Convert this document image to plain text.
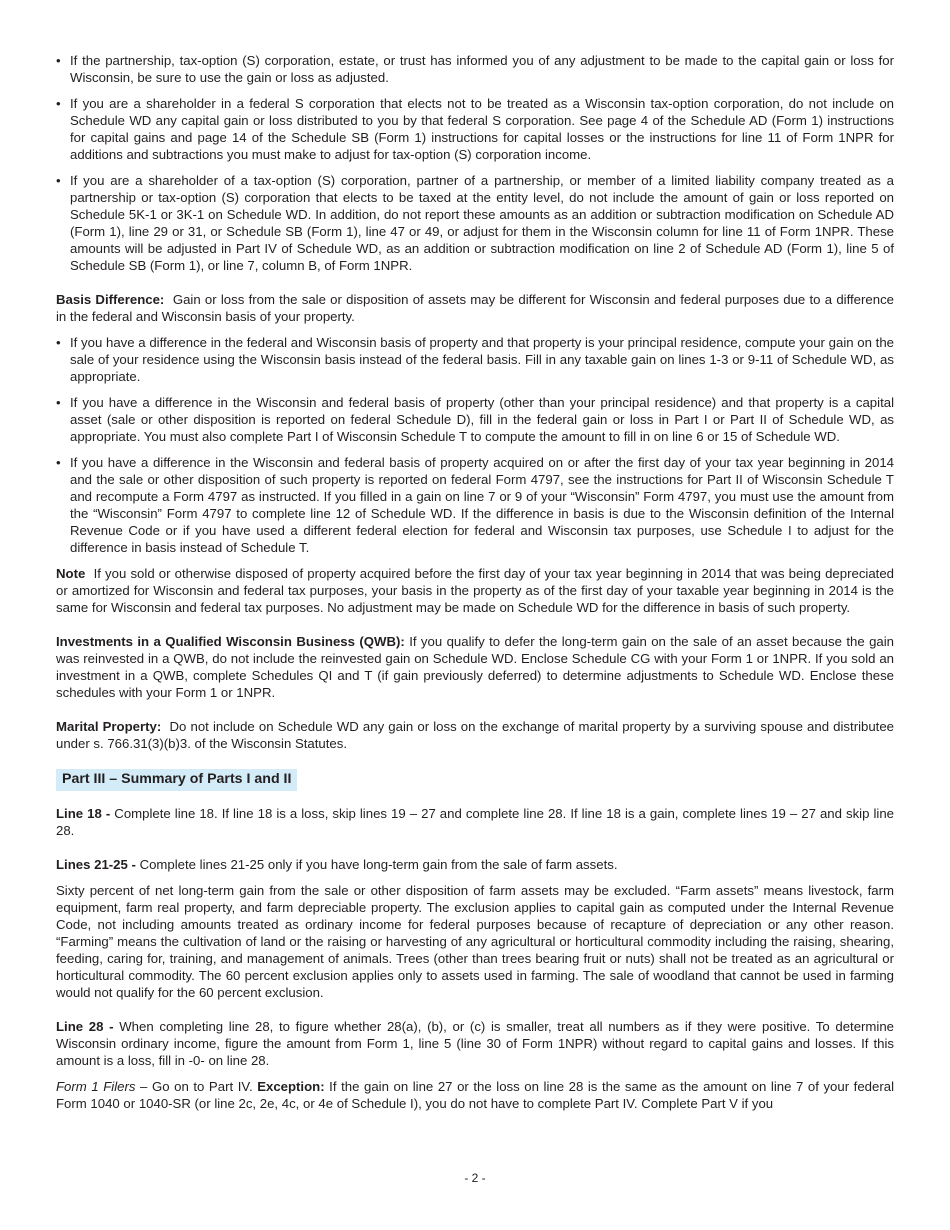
• If the partnership, tax-option (S) corporation, estate, or trust has informed you of any adjustment to be made to the capital gain or loss for Wisconsin, be sure to use the gain or loss as adjusted.
• If you are a shareholder in a federal S corporation that elects not to be treated as a Wisconsin tax-option corporation, do not include on Schedule WD any capital gain or loss distributed to you by that federal S corporation. See page 4 of the Schedule AD (Form 1) instructions for capital gains and page 14 of the Schedule SB (Form 1) instructions for capital losses or the instructions for line 11 of Form 1NPR for additions and subtractions you must make to adjust for tax-option (S) corporation income.
• If you are a shareholder of a tax-option (S) corporation, partner of a partnership, or member of a limited liability company treated as a partnership or tax-option (S) corporation that elects to be taxed at the entity level, do not include the amount of gain or loss reported on Schedule 5K-1 or 3K-1 on Schedule WD. In addition, do not report these amounts as an addition or subtraction modification on Schedule AD (Form 1), line 29 or 31, or Schedule SB (Form 1), line 47 or 49, or adjust for them in the Wisconsin column for line 11 of Form 1NPR. These amounts will be adjusted in Part IV of Schedule WD, as an addition or subtraction modification on line 2 of Schedule AD (Form 1), line 5 of Schedule SB (Form 1), or line 7, column B, of Form 1NPR.

Basis Difference: Gain or loss from the sale or disposition of assets may be different for Wisconsin and federal purposes due to a difference in the federal and Wisconsin basis of your property.

• If you have a difference in the federal and Wisconsin basis of property and that property is your principal residence, compute your gain on the sale of your residence using the Wisconsin basis instead of the federal basis. Fill in any taxable gain on lines 1-3 or 9-11 of Schedule WD, as appropriate.
• If you have a difference in the Wisconsin and federal basis of property (other than your principal residence) and that property is a capital asset (sale or other disposition is reported on federal Schedule D), fill in the federal gain or loss in Part I or Part II of Schedule WD, as appropriate. You must also complete Part I of Wisconsin Schedule T to compute the amount to fill in on line 6 or 15 of Schedule WD.
• If you have a difference in the Wisconsin and federal basis of property acquired on or after the first day of your tax year beginning in 2014 and the sale or other disposition of such property is reported on federal Form 4797, see the instructions for Part II of Wisconsin Schedule T and recompute a Form 4797 as instructed. If you filled in a gain on line 7 or 9 of your “Wisconsin” Form 4797, you must use the amount from the “Wisconsin” Form 4797 to complete line 12 of Schedule WD. If the difference in basis is due to the Wisconsin definition of the Internal Revenue Code or if you have used a different federal election for federal and Wisconsin tax purposes, use Schedule I to adjust for the difference in basis instead of Schedule T.

Note If you sold or otherwise disposed of property acquired before the first day of your tax year beginning in 2014 that was being depreciated or amortized for Wisconsin and federal tax purposes, your basis in the property as of the first day of your taxable year beginning in 2014 is the same for Wisconsin and federal tax purposes. No adjustment may be made on Schedule WD for the difference in basis of such property.

Investments in a Qualified Wisconsin Business (QWB): If you qualify to defer the long-term gain on the sale of an asset because the gain was reinvested in a QWB, do not include the reinvested gain on Schedule WD. Enclose Schedule CG with your Form 1 or 1NPR. If you sold an investment in a QWB, complete Schedules QI and T (if gain previously deferred) to determine adjustments to Schedule WD. Enclose these schedules with your Form 1 or 1NPR.

Marital Property: Do not include on Schedule WD any gain or loss on the exchange of marital property by a surviving spouse and distributee under s. 766.31(3)(b)3. of the Wisconsin Statutes.

Part III – Summary of Parts I and II

Line 18 - Complete line 18. If line 18 is a loss, skip lines 19 – 27 and complete line 28. If line 18 is a gain, complete lines 19 – 27 and skip line 28.

Lines 21-25 - Complete lines 21-25 only if you have long-term gain from the sale of farm assets.

Sixty percent of net long-term gain from the sale or other disposition of farm assets may be excluded. “Farm assets” means livestock, farm equipment, farm real property, and farm depreciable property. The exclusion applies to capital gain as computed under the Internal Revenue Code, not including amounts treated as ordinary income for federal purposes because of recapture of depreciation or any other reason. “Farming” means the cultivation of land or the raising or harvesting of any agricultural or horticultural commodity including the raising, shearing, feeding, caring for, training, and management of animals. Trees (other than trees bearing fruit or nuts) shall not be treated as an agricultural or horticultural commodity. The 60 percent exclusion applies only to assets used in farming. The sale of woodland that cannot be used in farming would not qualify for the 60 percent exclusion.

Line 28 - When completing line 28, to figure whether 28(a), (b), or (c) is smaller, treat all numbers as if they were positive. To determine Wisconsin ordinary income, figure the amount from Form 1, line 5 (line 30 of Form 1NPR) without regard to capital gains and losses. If this amount is a loss, fill in -0- on line 28.

Form 1 Filers – Go on to Part IV. Exception: If the gain on line 27 or the loss on line 28 is the same as the amount on line 7 of your federal Form 1040 or 1040-SR (or line 2c, 2e, 4c, or 4e of Schedule I), you do not have to complete Part IV. Complete Part V if you

- 2 -
